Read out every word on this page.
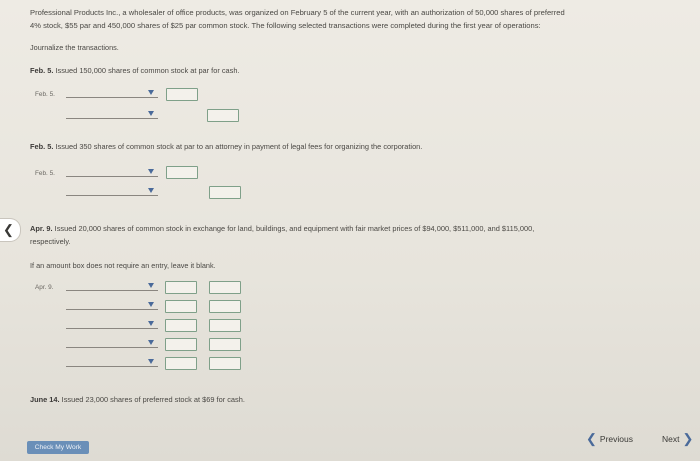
Professional Products Inc., a wholesaler of office products, was organized on February 5 of the current year, with an authorization of 50,000 shares of preferred
4% stock, $55 par and 450,000 shares of $25 par common stock. The following selected transactions were completed during the first year of operations:
Journalize the transactions.
Feb. 5. Issued 150,000 shares of common stock at par for cash.
Feb. 5.
Feb. 5. Issued 350 shares of common stock at par to an attorney in payment of legal fees for organizing the corporation.
Feb. 5.
❮ Apr. 9. Issued 20,000 shares of common stock in exchange for land, buildings, and equipment with fair market prices of $94,000, $511,000, and $115,000,
respectively.
If an amount box does not require an entry, leave it blank.
Apr. 9.
June 14. Issued 23,000 shares of preferred stock at $69 for cash.
Check My Work
❮ Previous	Next ❯
